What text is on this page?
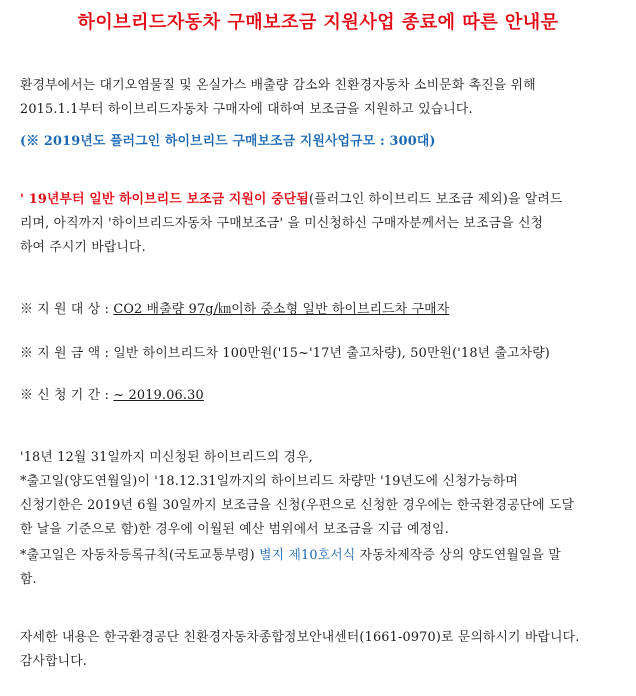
하이브리드자동차 구매보조금 지원사업 종료에 따른 안내문

환경부에서는 대기오염물질 및 온실가스 배출량 감소와 친환경자동차 소비문화 촉진을 위해
2015.1.1부터 하이브리드자동차 구매자에 대하여 보조금을 지원하고 있습니다.

(※ 2019년도 플러그인 하이브리드 구매보조금 지원사업규모 : 300대)

' 19년부터 일반 하이브리드 보조금 지원이 중단됨(플러그인 하이브리드 보조금 제외)을 알려드
리며, 아직까지 '하이브리드자동차 구매보조금' 을 미신청하신 구매자분께서는 보조금을 신청
하여 주시기 바랍니다.

※ 지 원 대 상 : CO2 배출량 97g/㎞이하 중소형 일반 하이브리드차 구매자

※ 지 원 금 액 : 일반 하이브리드차 100만원('15~'17년 출고차량), 50만원('18년 출고차량)

※ 신 청 기 간 : ~ 2019.06.30

'18년 12월 31일까지 미신청된 하이브리드의 경우,
*출고일(양도연월일)이 '18.12.31일까지의 하이브리드 차량만 '19년도에 신청가능하며
신청기한은 2019년 6월 30일까지 보조금을 신청(우편으로 신청한 경우에는 한국환경공단에 도달
한 날을 기준으로 함)한 경우에 이월된 예산 범위에서 보조금을 지급 예정임.

*출고일은 자동차등록규칙(국토교통부령) 별지 제10호서식 자동차제작증 상의 양도연월일을 말
함.

자세한 내용은 한국환경공단 친환경자동차종합정보안내센터(1661-0970)로 문의하시기 바랍니다.
감사합니다.
